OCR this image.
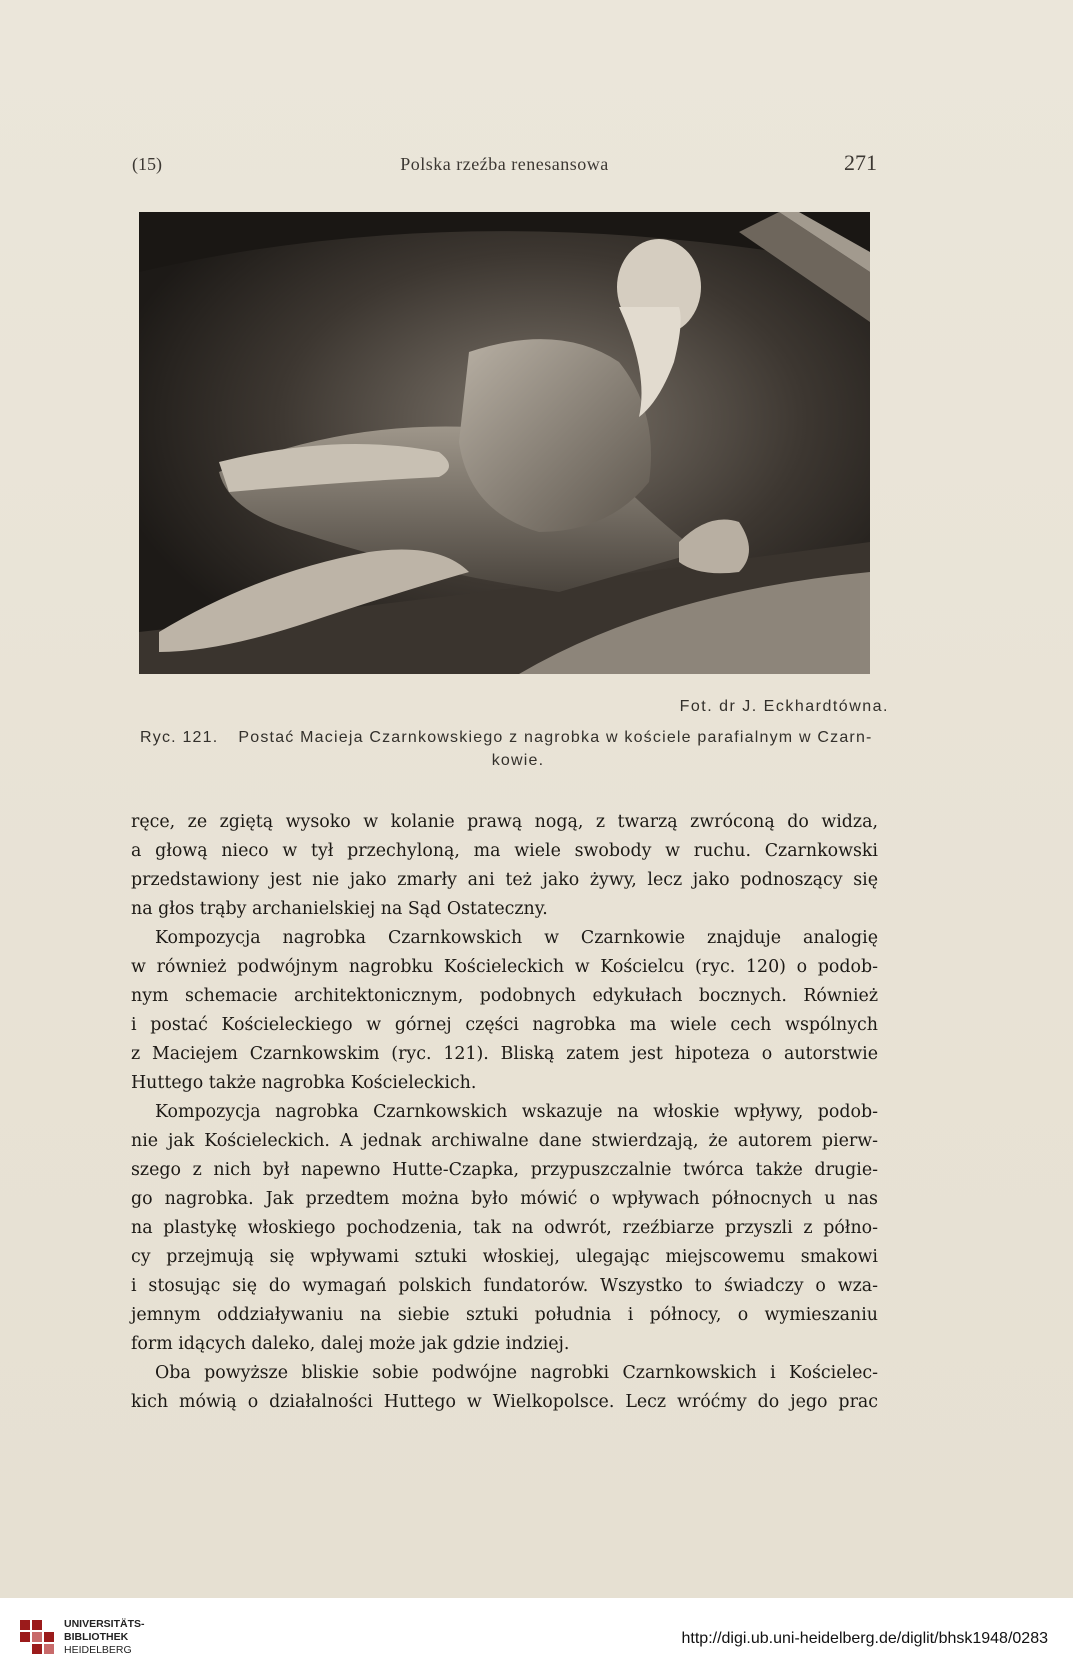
(15)	Polska rzeźba renesansowa	271
Fot. dr J. Eckhardtówna.
Ryc. 121. Postać Macieja Czarnkowskiego z nagrobka w kościele parafialnym w Czarn-
kowie.
ręce, ze zgiętą wysoko w kolanie prawą nogą, z twarzą zwróconą do widza,
a głową nieco w tył przechyloną, ma wiele swobody w ruchu. Czarnkowski
przedstawiony jest nie jako zmarły ani też jako żywy, lecz jako podnoszący się
na głos trąby archanielskiej na Sąd Ostateczny.
Kompozycja nagrobka Czarnkowskich w Czarnkowie znajduje analogię
w również podwójnym nagrobku Kościeleckich w Kościelcu (ryc. 120) o podob-
nym schemacie architektonicznym, podobnych edykułach bocznych. Również
i postać Kościeleckiego w górnej części nagrobka ma wiele cech wspólnych
z Maciejem Czarnkowskim (ryc. 121). Bliską zatem jest hipoteza o autorstwie
Huttego także nagrobka Kościeleckich.
Kompozycja nagrobka Czarnkowskich wskazuje na włoskie wpływy, podob-
nie jak Kościeleckich. A jednak archiwalne dane stwierdzają, że autorem pierw-
szego z nich był napewno Hutte-Czapka, przypuszczalnie twórca także drugie-
go nagrobka. Jak przedtem można było mówić o wpływach północnych u nas
na plastykę włoskiego pochodzenia, tak na odwrót, rzeźbiarze przyszli z półno-
cy przejmują się wpływami sztuki włoskiej, ulegając miejscowemu smakowi
i stosując się do wymagań polskich fundatorów. Wszystko to świadczy o wza-
jemnym oddziaływaniu na siebie sztuki południa i północy, o wymieszaniu
form idących daleko, dalej może jak gdzie indziej.
Oba powyższe bliskie sobie podwójne nagrobki Czarnkowskich i Kościelec-
kich mówią o działalności Huttego w Wielkopolsce. Lecz wróćmy do jego prac
UNIVERSITÄTS-
BIBLIOTHEK
HEIDELBERG
http://digi.ub.uni-heidelberg.de/diglit/bhsk1948/0283
